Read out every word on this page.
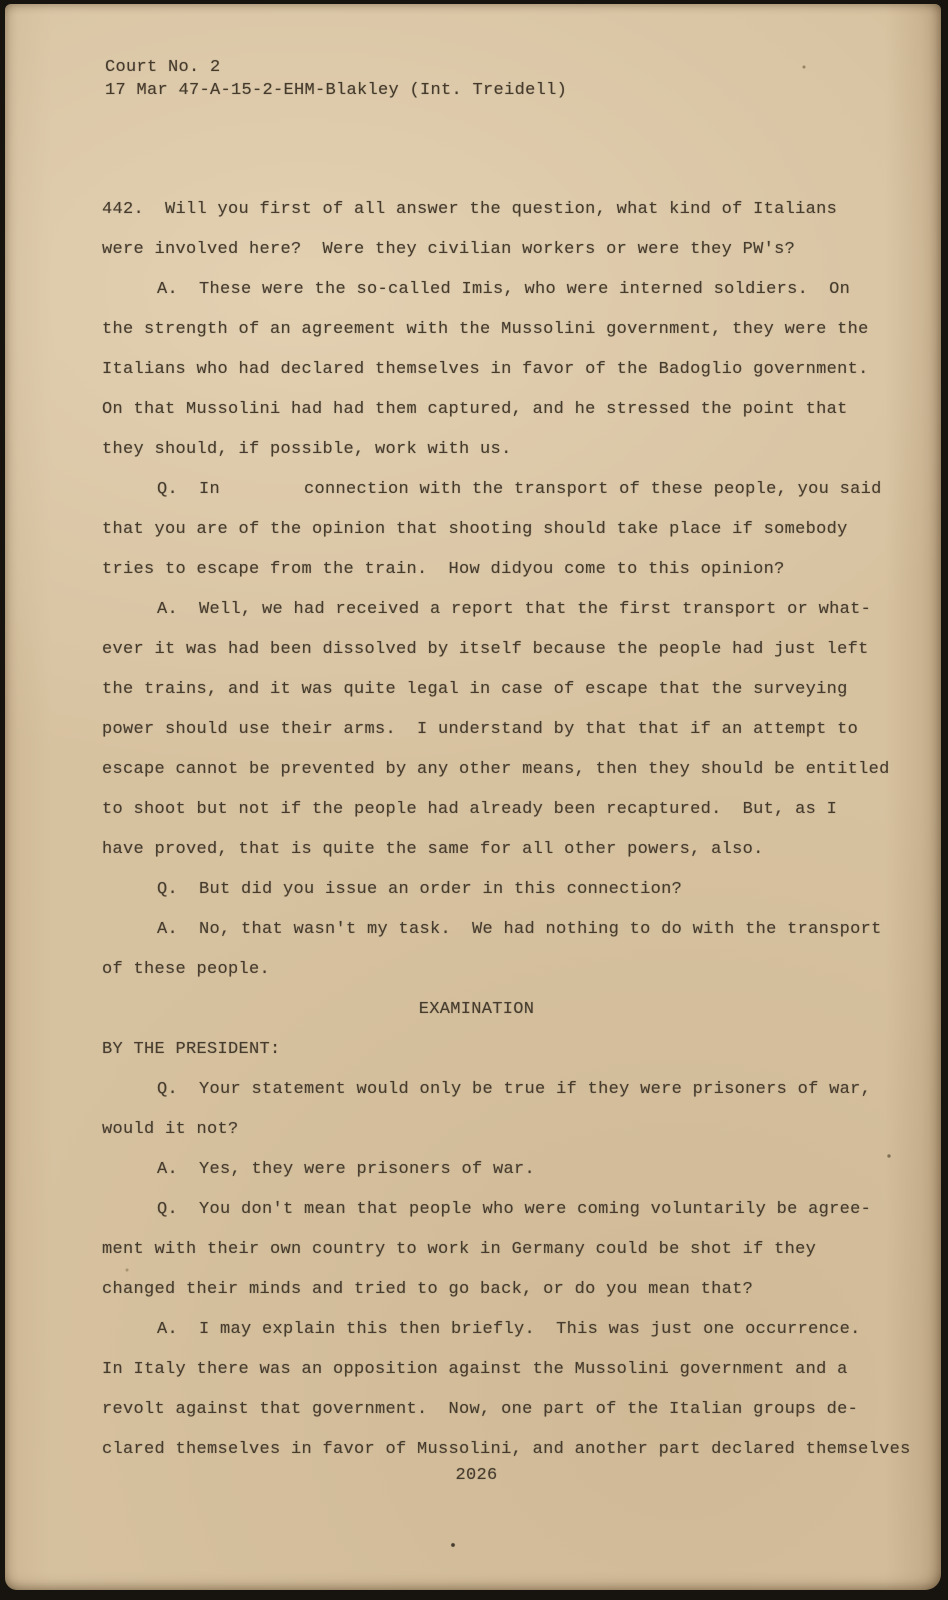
Court No. 2
17 Mar 47-A-15-2-EHM-Blakley (Int. Treidell)
442.  Will you first of all answer the question, what kind of Italians
were involved here?  Were they civilian workers or were they PW's?
A.  These were the so-called Imis, who were interned soldiers.  On
the strength of an agreement with the Mussolini government, they were the
Italians who had declared themselves in favor of the Badoglio government.
On that Mussolini had had them captured, and he stressed the point that
they should, if possible, work with us.
Q.  In        connection with the transport of these people, you said
that you are of the opinion that shooting should take place if somebody
tries to escape from the train.  How didyou come to this opinion?
A.  Well, we had received a report that the first transport or what-
ever it was had been dissolved by itself because the people had just left
the trains, and it was quite legal in case of escape that the surveying
power should use their arms.  I understand by that that if an attempt to
escape cannot be prevented by any other means, then they should be entitled
to shoot but not if the people had already been recaptured.  But, as I
have proved, that is quite the same for all other powers, also.
Q.  But did you issue an order in this connection?
A.  No, that wasn't my task.  We had nothing to do with the transport
of these people.
EXAMINATION
BY THE PRESIDENT:
Q.  Your statement would only be true if they were prisoners of war,
would it not?
A.  Yes, they were prisoners of war.
Q.  You don't mean that people who were coming voluntarily be agree-
ment with their own country to work in Germany could be shot if they
changed their minds and tried to go back, or do you mean that?
A.  I may explain this then briefly.  This was just one occurrence.
In Italy there was an opposition against the Mussolini government and a
revolt against that government.  Now, one part of the Italian groups de-
clared themselves in favor of Mussolini, and another part declared themselves
2026
